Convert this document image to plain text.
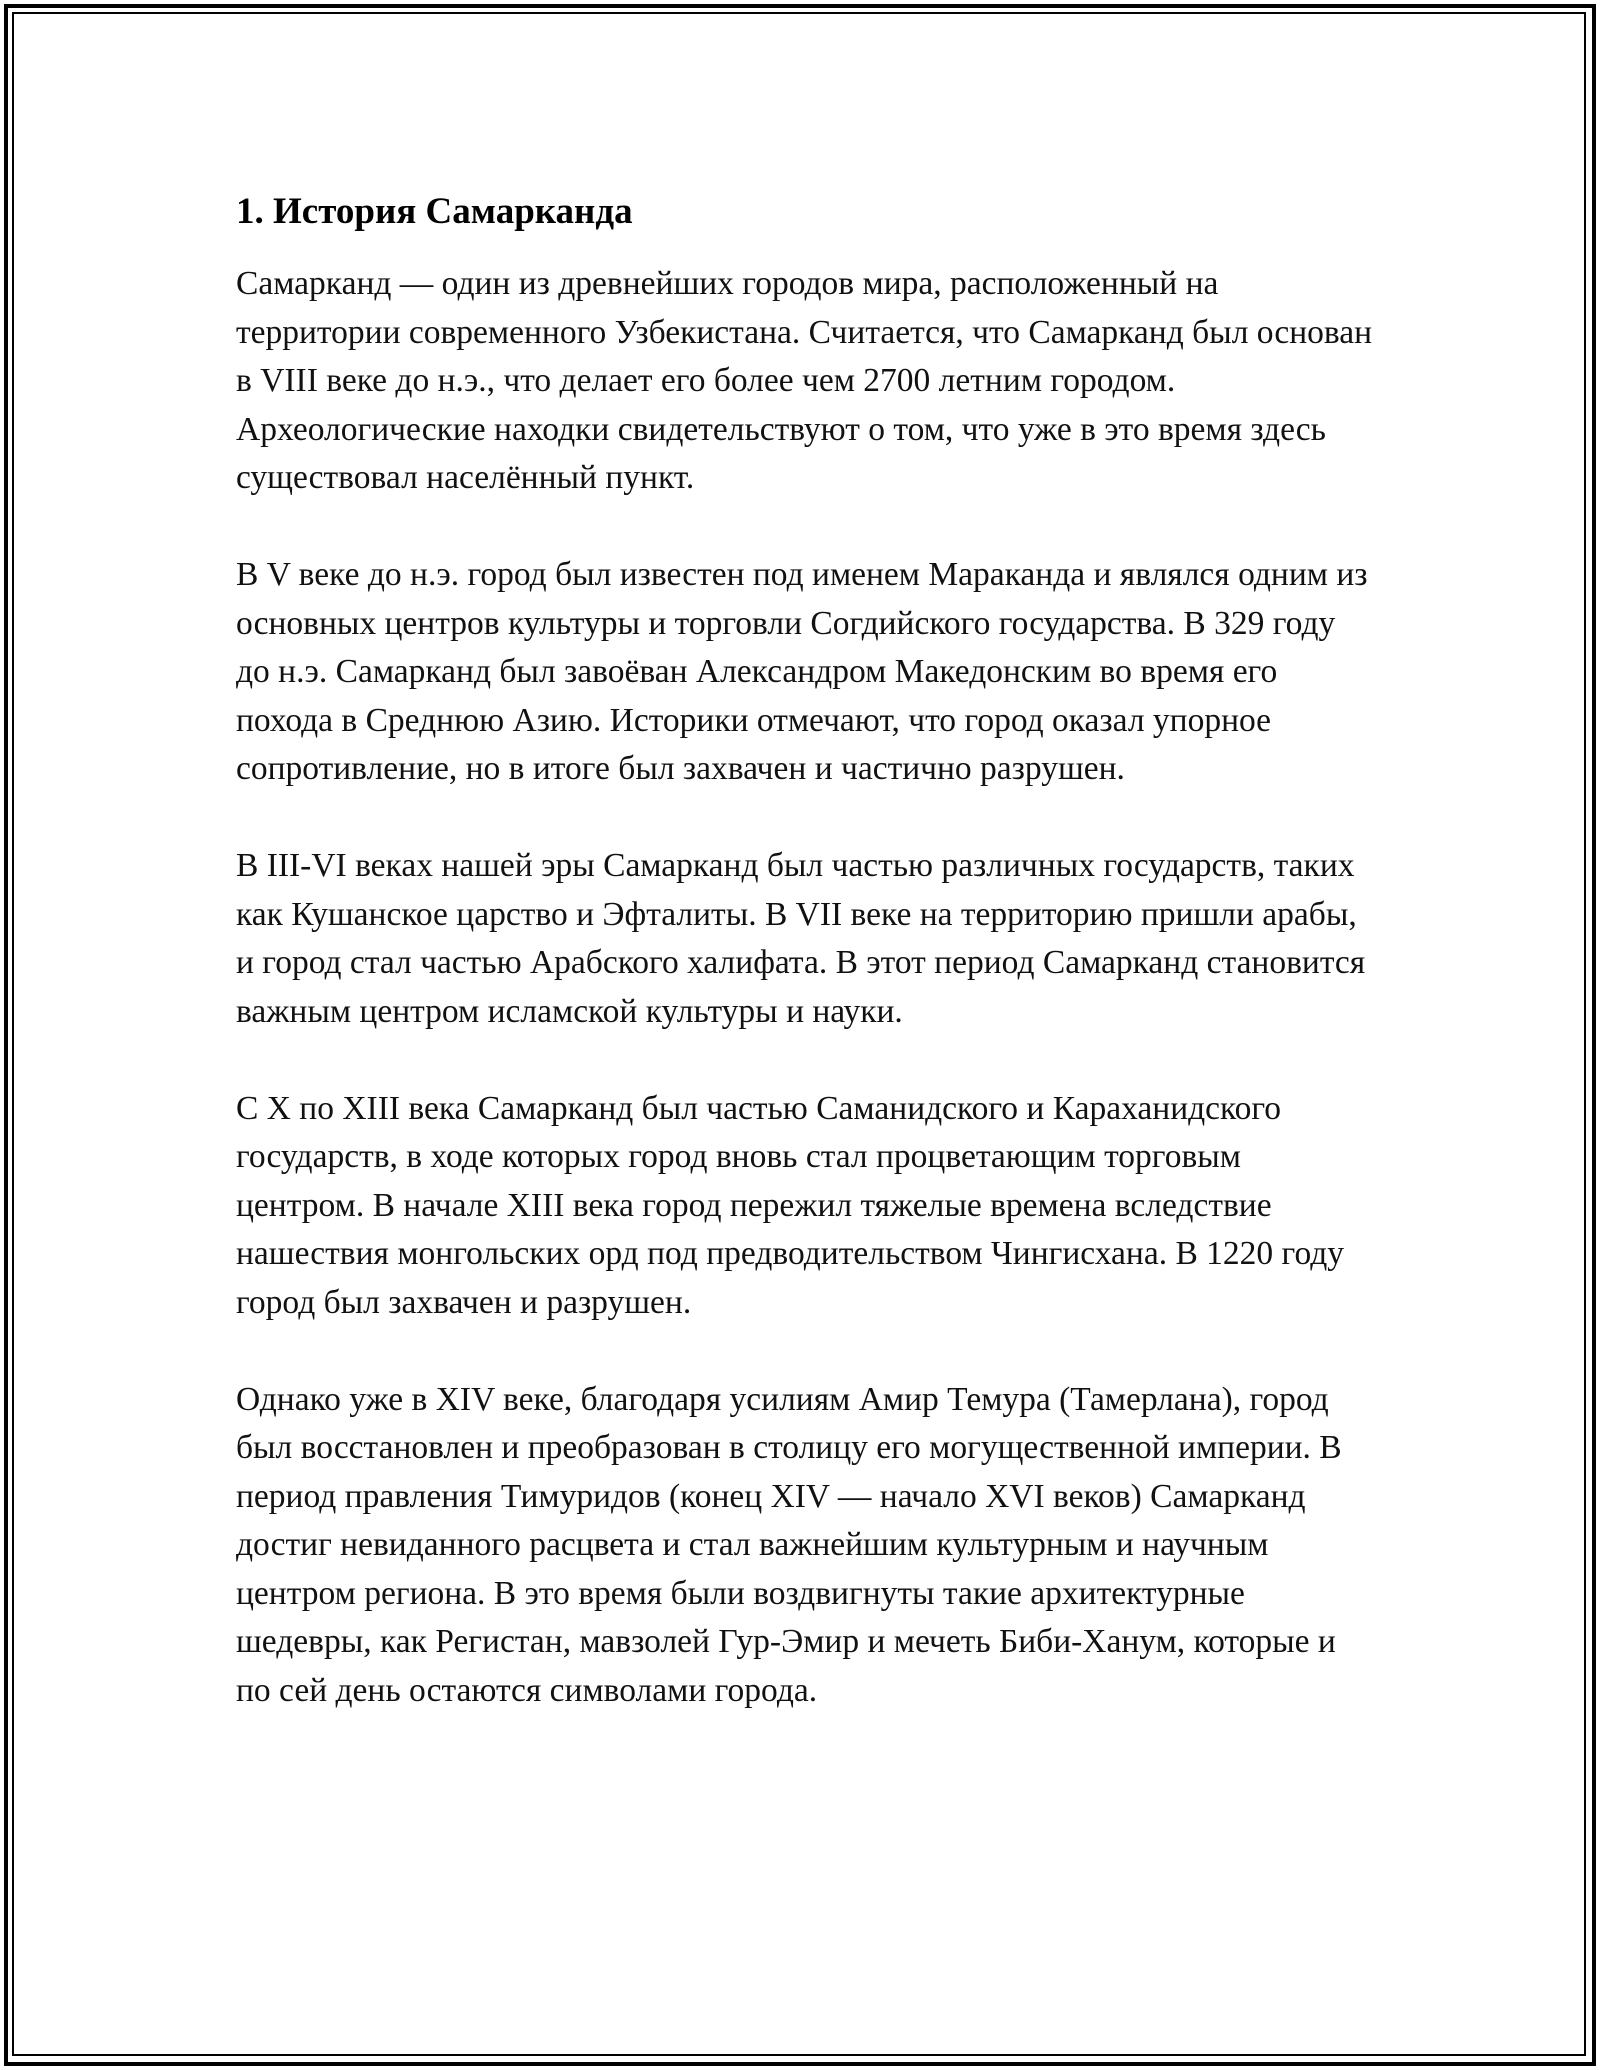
1. История Самарканда

Самарканд — один из древнейших городов мира, расположенный на территории современного Узбекистана. Считается, что Самарканд был основан в VIII веке до н.э., что делает его более чем 2700 летним городом. Археологические находки свидетельствуют о том, что уже в это время здесь существовал населённый пункт.

В V веке до н.э. город был известен под именем Мараканда и являлся одним из основных центров культуры и торговли Согдийского государства. В 329 году до н.э. Самарканд был завоёван Александром Македонским во время его похода в Среднюю Азию. Историки отмечают, что город оказал упорное сопротивление, но в итоге был захвачен и частично разрушен.

В III-VI веках нашей эры Самарканд был частью различных государств, таких как Кушанское царство и Эфталиты. В VII веке на территорию пришли арабы, и город стал частью Арабского халифата. В этот период Самарканд становится важным центром исламской культуры и науки.

С X по XIII века Самарканд был частью Саманидского и Караханидского государств, в ходе которых город вновь стал процветающим торговым центром. В начале XIII века город пережил тяжелые времена вследствие нашествия монгольских орд под предводительством Чингисхана. В 1220 году город был захвачен и разрушен.

Однако уже в XIV веке, благодаря усилиям Амир Темура (Тамерлана), город был восстановлен и преобразован в столицу его могущественной империи. В период правления Тимуридов (конец XIV — начало XVI веков) Самарканд достиг невиданного расцвета и стал важнейшим культурным и научным центром региона. В это время были воздвигнуты такие архитектурные шедевры, как Регистан, мавзолей Гур-Эмир и мечеть Биби-Ханум, которые и по сей день остаются символами города.
